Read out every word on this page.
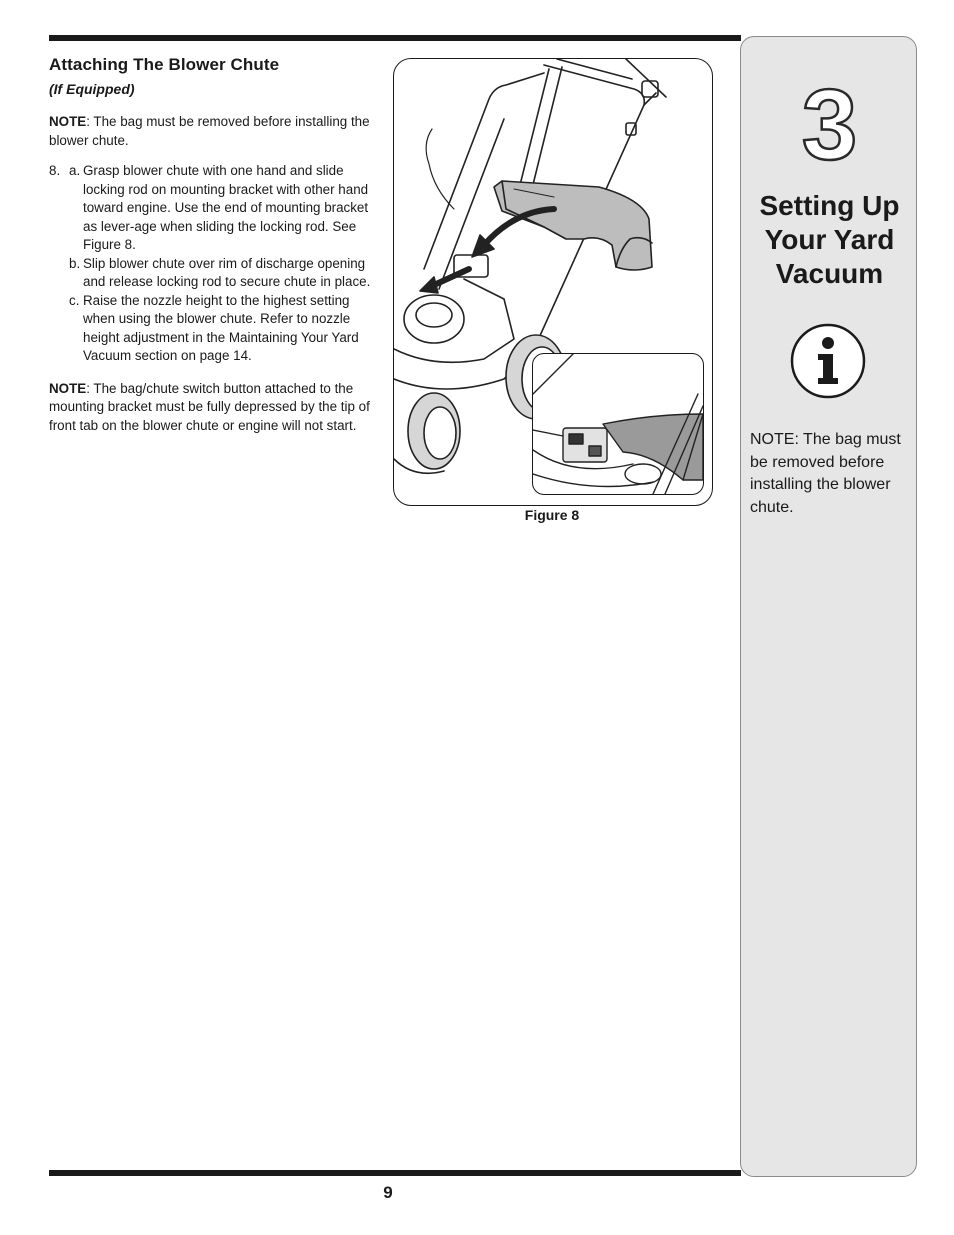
Attaching The Blower Chute
(If Equipped)

NOTE: The bag must be removed before installing the blower chute.

8. a. Grasp blower chute with one hand and slide locking rod on mounting bracket with other hand toward engine. Use the end of mounting bracket as lever-age when sliding the locking rod. See Figure 8.
b. Slip blower chute over rim of discharge opening and release locking rod to secure chute in place.
c. Raise the nozzle height to the highest setting when using the blower chute. Refer to nozzle height adjustment in the Maintaining Your Yard Vacuum section on page 14.

NOTE: The bag/chute switch button attached to the mounting bracket must be fully depressed by the tip of front tab on the blower chute or engine will not start.

Figure 8
3
Setting Up
Your Yard
Vacuum
NOTE: The bag must be removed before installing the blower chute.
9
